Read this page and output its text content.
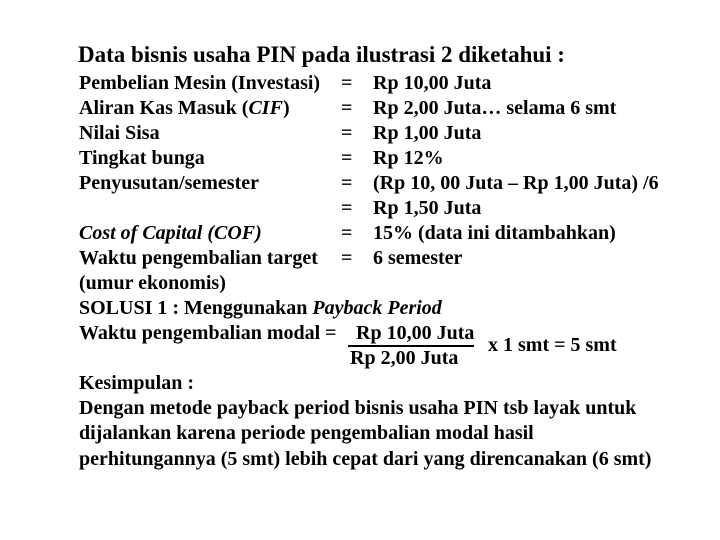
Data bisnis usaha PIN pada ilustrasi 2 diketahui :
Pembelian Mesin (Investasi) = Rp 10,00 Juta
Aliran Kas Masuk (CIF)	= Rp 2,00 Juta… selama 6 smt
Nilai Sisa	= Rp 1,00 Juta
Tingkat bunga	= Rp 12%
Penyusutan/semester	= (Rp 10, 00 Juta – Rp 1,00 Juta) /6
= Rp 1,50 Juta
Cost of Capital (COF)	= 15% (data ini ditambahkan)
Waktu pengembalian target = 6 semester
(umur ekonomis)
SOLUSI 1 : Menggunakan Payback Period
Waktu pengembalian modal = Rp 10,00 Juta
Rp 2,00 Juta
x 1 smt = 5 smt
Kesimpulan :
Dengan metode payback period bisnis usaha PIN tsb layak untuk
dijalankan karena periode pengembalian modal hasil
perhitungannya (5 smt) lebih cepat dari yang direncanakan (6 smt)
